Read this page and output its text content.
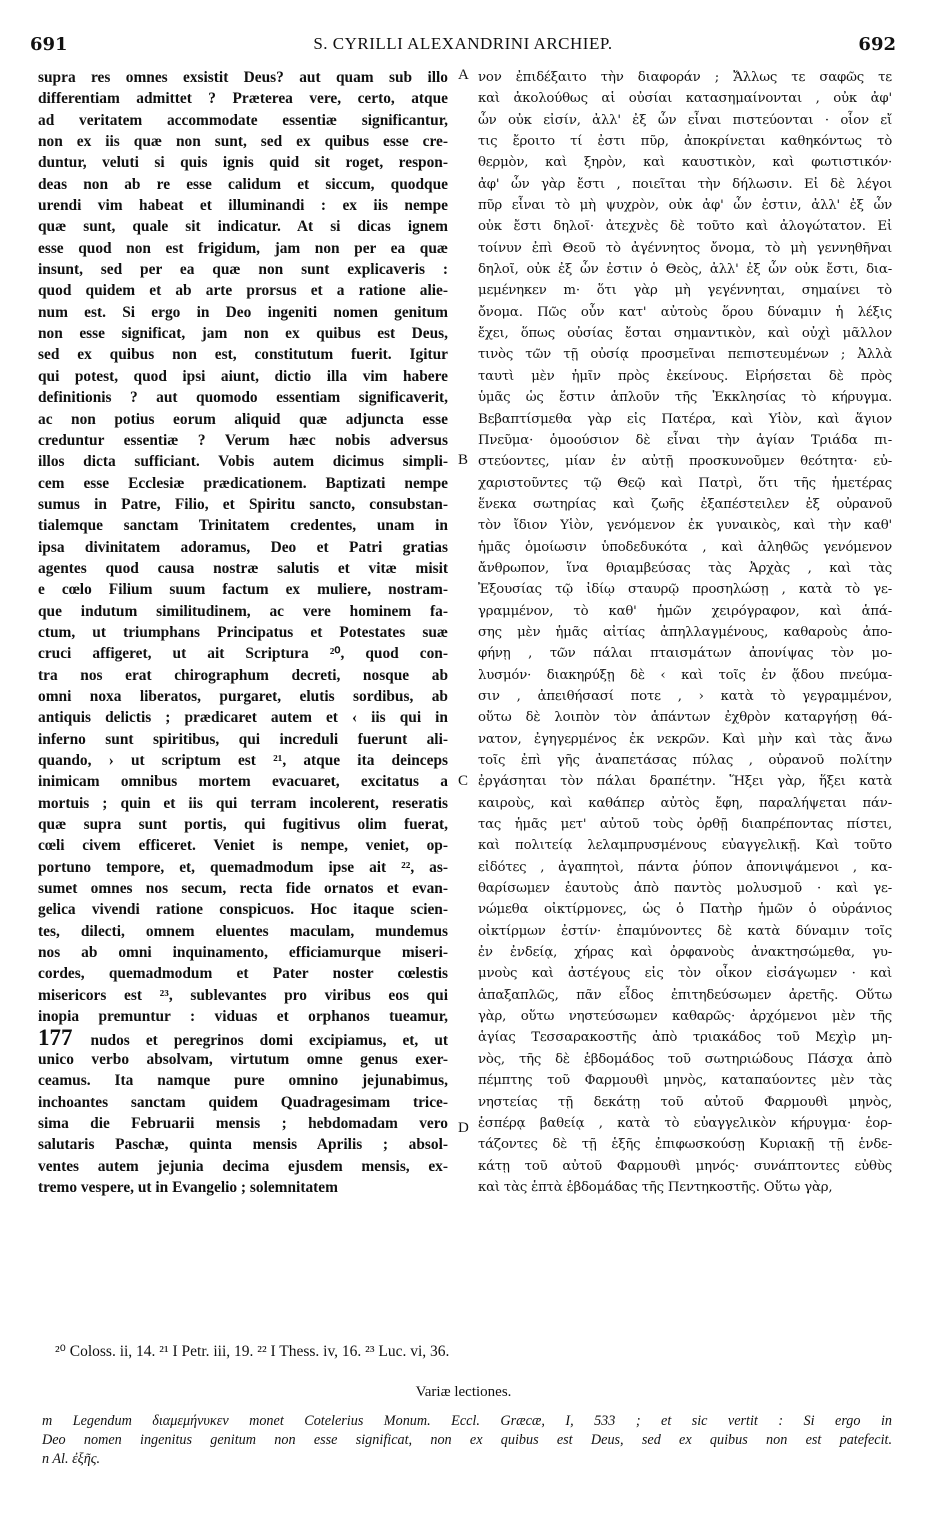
691	S. CYRILLI ALEXANDRINI ARCHIEP.	692
supra res omnes exsistit Deus? aut quam sub illo
differentiam admittet ? Præterea vere, certo, atque
ad veritatem accommodate essentiæ significantur,
non ex iis quæ non sunt, sed ex quibus esse cre-
duntur, veluti si quis ignis quid sit roget, respon-
deas non ab re esse calidum et siccum, quodque
urendi vim habeat et illuminandi : ex iis nempe
quæ sunt, quale sit indicatur. At si dicas ignem
esse quod non est frigidum, jam non per ea quæ
insunt, sed per ea quæ non sunt explicaveris :
quod quidem et ab arte prorsus et a ratione alie-
num est. Si ergo in Deo ingeniti nomen genitum
non esse significat, jam non ex quibus est Deus,
sed ex quibus non est, constitutum fuerit. Igitur
qui potest, quod ipsi aiunt, dictio illa vim habere
definitionis ? aut quomodo essentiam significaverit,
ac non potius eorum aliquid quæ adjuncta esse
creduntur essentiæ ? Verum hæc nobis adversus
illos dicta sufficiant. Vobis autem dicimus simpli-
cem esse Ecclesiæ prædicationem. Baptizati nempe
sumus in Patre, Filio, et Spiritu sancto, consubstan-
tialemque sanctam Trinitatem credentes, unam in
ipsa divinitatem adoramus, Deo et Patri gratias
agentes quod causa nostræ salutis et vitæ misit
e cœlo Filium suum factum ex muliere, nostram-
que indutum similitudinem, ac vere hominem fa-
ctum, ut triumphans Principatus et Potestates suæ
cruci affigeret, ut ait Scriptura ²⁰, quod con-
tra nos erat chirographum decreti, nosque ab
omni noxa liberatos, purgaret, elutis sordibus, ab
antiquis delictis ; prædicaret autem et ‹ iis qui in
inferno sunt spiritibus, qui increduli fuerunt ali-
quando, › ut scriptum est ²¹, atque ita deinceps
inimicam omnibus mortem evacuaret, excitatus a
mortuis ; quin et iis qui terram incolerent, reseratis
quæ supra sunt portis, qui fugitivus olim fuerat,
cœli civem efficeret. Veniet is nempe, veniet, op-
portuno tempore, et, quemadmodum ipse ait ²², as-
sumet omnes nos secum, recta fide ornatos et evan-
gelica vivendi ratione conspicuos. Hoc itaque scien-
tes, dilecti, omnem eluentes maculam, mundemus
nos ab omni inquinamento, efficiamurque miseri-
cordes, quemadmodum et Pater noster cœlestis
misericors est ²³, sublevantes pro viribus eos qui
inopia premuntur : viduas et orphanos tueamur,
177 nudos et peregrinos domi excipiamus, et, ut
unico verbo absolvam, virtutum omne genus exer-
ceamus. Ita namque pure omnino jejunabimus,
inchoantes sanctam quidem Quadragesimam trice-
sima die Februarii mensis ; hebdomadam vero
salutaris Paschæ, quinta mensis Aprilis ; absol-
ventes autem jejunia decima ejusdem mensis, ex-
tremo vespere, ut in Evangelio ; solemnitatem
νον ἐπιδέξαιτο τὴν διαφοράν ; Ἄλλως τε σαφῶς τε
καὶ ἀκολούθως αἱ οὐσίαι κατασημαίνονται , οὐκ ἀφ'
ὧν οὐκ εἰσίν, ἀλλ' ἐξ ὧν εἶναι πιστεύονται · οἷον εἴ
τις ἔροιτο τί ἐστι πῦρ, ἀποκρίνεται καθηκόντως τὸ
θερμὸν, καὶ ξηρὸν, καὶ καυστικὸν, καὶ φωτιστικόν·
ἀφ' ὧν γὰρ ἔστι , ποιεῖται τὴν δήλωσιν. Εἰ δὲ λέγοι
πῦρ εἶναι τὸ μὴ ψυχρὸν, οὐκ ἀφ' ὧν ἐστιν, ἀλλ' ἐξ ὧν
οὐκ ἔστι δηλοῖ· ἀτεχνὲς δὲ τοῦτο καὶ ἀλογώτατον. Εἰ
τοίνυν ἐπὶ Θεοῦ τὸ ἀγέννητος ὄνομα, τὸ μὴ γεννηθῆναι
δηλοῖ, οὐκ ἐξ ὧν ἐστιν ὁ Θεὸς, ἀλλ' ἐξ ὧν οὐκ ἔστι, δια-
μεμένηκεν m· ὅτι γὰρ μὴ γεγέννηται, σημαίνει τὸ
ὄνομα. Πῶς οὖν κατ' αὐτοὺς ὅρου δύναμιν ἡ λέξις
ἔχει, ὅπως οὐσίας ἔσται σημαντικὸν, καὶ οὐχὶ μᾶλλον
τινὸς τῶν τῇ οὐσίᾳ προσμεῖναι πεπιστευμένων ; Ἀλλὰ
ταυτὶ μὲν ἡμῖν πρὸς ἐκείνους. Εἰρήσεται δὲ πρὸς
ὑμᾶς ὡς ἔστιν ἁπλοῦν τῆς Ἐκκλησίας τὸ κήρυγμα.
Βεβαπτίσμεθα γὰρ εἰς Πατέρα, καὶ Υἱὸν, καὶ ἅγιον
Πνεῦμα· ὁμοούσιον δὲ εἶναι τὴν ἁγίαν Τριάδα πι-
στεύοντες, μίαν ἐν αὐτῇ προσκυνοῦμεν θεότητα· εὐ-
χαριστοῦντες τῷ Θεῷ καὶ Πατρὶ, ὅτι τῆς ἡμετέρας
ἕνεκα σωτηρίας καὶ ζωῆς ἐξαπέστειλεν ἐξ οὐρανοῦ
τὸν ἴδιον Υἱὸν, γενόμενον ἐκ γυναικὸς, καὶ τὴν καθ'
ἡμᾶς ὁμοίωσιν ὑποδεδυκότα , καὶ ἀληθῶς γενόμενον
ἄνθρωπον, ἵνα θριαμβεύσας τὰς Ἀρχὰς , καὶ τὰς
Ἐξουσίας τῷ ἰδίῳ σταυρῷ προσηλώσῃ , κατὰ τὸ γε-
γραμμένον, τὸ καθ' ἡμῶν χειρόγραφον, καὶ ἁπά-
σης μὲν ἡμᾶς αἰτίας ἀπηλλαγμένους, καθαροὺς ἀπο-
φήνῃ , τῶν πάλαι πταισμάτων ἀπονίψας τὸν μο-
λυσμόν· διακηρύξῃ δὲ ‹ καὶ τοῖς ἐν ᾅδου πνεύμα-
σιν , ἀπειθήσασί ποτε , › κατὰ τὸ γεγραμμένον,
οὕτω δὲ λοιπὸν τὸν ἁπάντων ἐχθρὸν καταργήσῃ θά-
νατον, ἐγηγερμένος ἐκ νεκρῶν. Καὶ μὴν καὶ τὰς ἄνω
τοῖς ἐπὶ γῆς ἀναπετάσας πύλας , οὐρανοῦ πολίτην
ἐργάσηται τὸν πάλαι δραπέτην. Ἥξει γὰρ, ἥξει κατὰ
καιροὺς, καὶ καθάπερ αὐτὸς ἔφη, παραλήψεται πάν-
τας ἡμᾶς μετ' αὐτοῦ τοὺς ὀρθῇ διαπρέποντας πίστει,
καὶ πολιτείᾳ λελαμπρυσμένους εὐαγγελικῇ. Καὶ τοῦτο
εἰδότες , ἀγαπητοὶ, πάντα ῥύπον ἀπονιψάμενοι , κα-
θαρίσωμεν ἑαυτοὺς ἀπὸ παντὸς μολυσμοῦ · καὶ γε-
νώμεθα οἰκτίρμονες, ὡς ὁ Πατὴρ ἡμῶν ὁ οὐράνιος
οἰκτίρμων ἐστίν· ἐπαμύνοντες δὲ κατὰ δύναμιν τοῖς
ἐν ἐνδείᾳ, χήρας καὶ ὀρφανοὺς ἀνακτησώμεθα, γυ-
μνοὺς καὶ ἀστέγους εἰς τὸν οἶκον εἰσάγωμεν · καὶ
ἁπαξαπλῶς, πᾶν εἶδος ἐπιτηδεύσωμεν ἀρετῆς. Οὕτω
γὰρ, οὕτω νηστεύσωμεν καθαρῶς· ἀρχόμενοι μὲν τῆς
ἁγίας Τεσσαρακοστῆς ἀπὸ τριακάδος τοῦ Μεχὶρ μη-
νὸς, τῆς δὲ ἑβδομάδος τοῦ σωτηριώδους Πάσχα ἀπὸ
πέμπτης τοῦ Φαρμουθὶ μηνὸς, καταπαύοντες μὲν τὰς
νηστείας τῇ δεκάτῃ τοῦ αὐτοῦ Φαρμουθὶ μηνὸς,
ἑσπέρᾳ βαθείᾳ , κατὰ τὸ εὐαγγελικὸν κήρυγμα· ἑορ-
τάζοντες δὲ τῇ ἑξῆς ἐπιφωσκούσῃ Κυριακῇ τῇ ἑνδε-
κάτῃ τοῦ αὐτοῦ Φαρμουθὶ μηνός· συνάπτοντες εὐθὺς
καὶ τὰς ἑπτὰ ἑβδομάδας τῆς Πεντηκοστῆς. Οὕτω γὰρ,
A
B
C
D
²⁰ Coloss. ii, 14. ²¹ I Petr. iii, 19. ²² I Thess. iv, 16. ²³ Luc. vi, 36.
Variæ lectiones.
m Legendum διαμεμήνυκεν monet Cotelerius Monum. Eccl. Græcæ, I, 533 ; et sic vertit : Si ergo in
Deo nomen ingenitus genitum non esse significat, non ex quibus est Deus, sed ex quibus non est patefecit.
n Al. ἐξῆς.
